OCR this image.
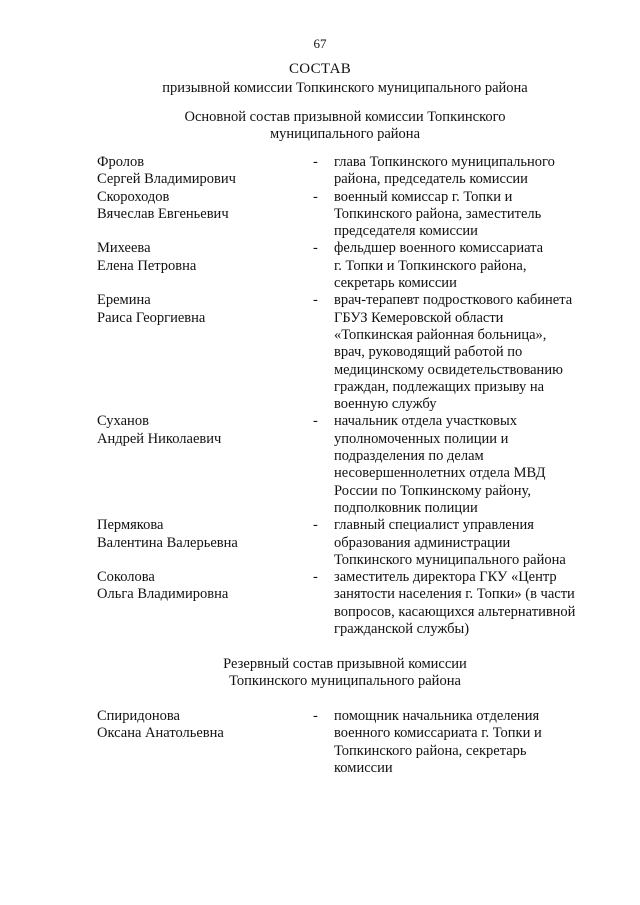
67
СОСТАВ
призывной комиссии Топкинского муниципального района
Основной состав призывной комиссии Топкинского
муниципального района
Фролов
Сергей Владимирович
- глава Топкинского муниципального
района, председатель комиссии
Скороходов
Вячеслав Евгеньевич
- военный комиссар г. Топки и
Топкинского района, заместитель
председателя комиссии
Михеева
Елена Петровна
- фельдшер военного комиссариата
г. Топки и Топкинского района,
секретарь комиссии
Еремина
Раиса Георгиевна
- врач-терапевт подросткового кабинета
ГБУЗ Кемеровской области
«Топкинская районная больница»,
врач, руководящий работой по
медицинскому освидетельствованию
граждан, подлежащих призыву на
военную службу
Суханов
Андрей Николаевич
- начальник отдела участковых
уполномоченных полиции и
подразделения по делам
несовершеннолетних отдела МВД
России по Топкинскому району,
подполковник полиции
Пермякова
Валентина Валерьевна
- главный специалист управления
образования администрации
Топкинского муниципального района
Соколова
Ольга Владимировна
- заместитель директора ГКУ «Центр
занятости населения г. Топки» (в части
вопросов, касающихся альтернативной
гражданской службы)
Резервный состав призывной комиссии
Топкинского муниципального района
Спиридонова
Оксана Анатольевна
- помощник начальника отделения
военного комиссариата г. Топки и
Топкинского района, секретарь
комиссии
